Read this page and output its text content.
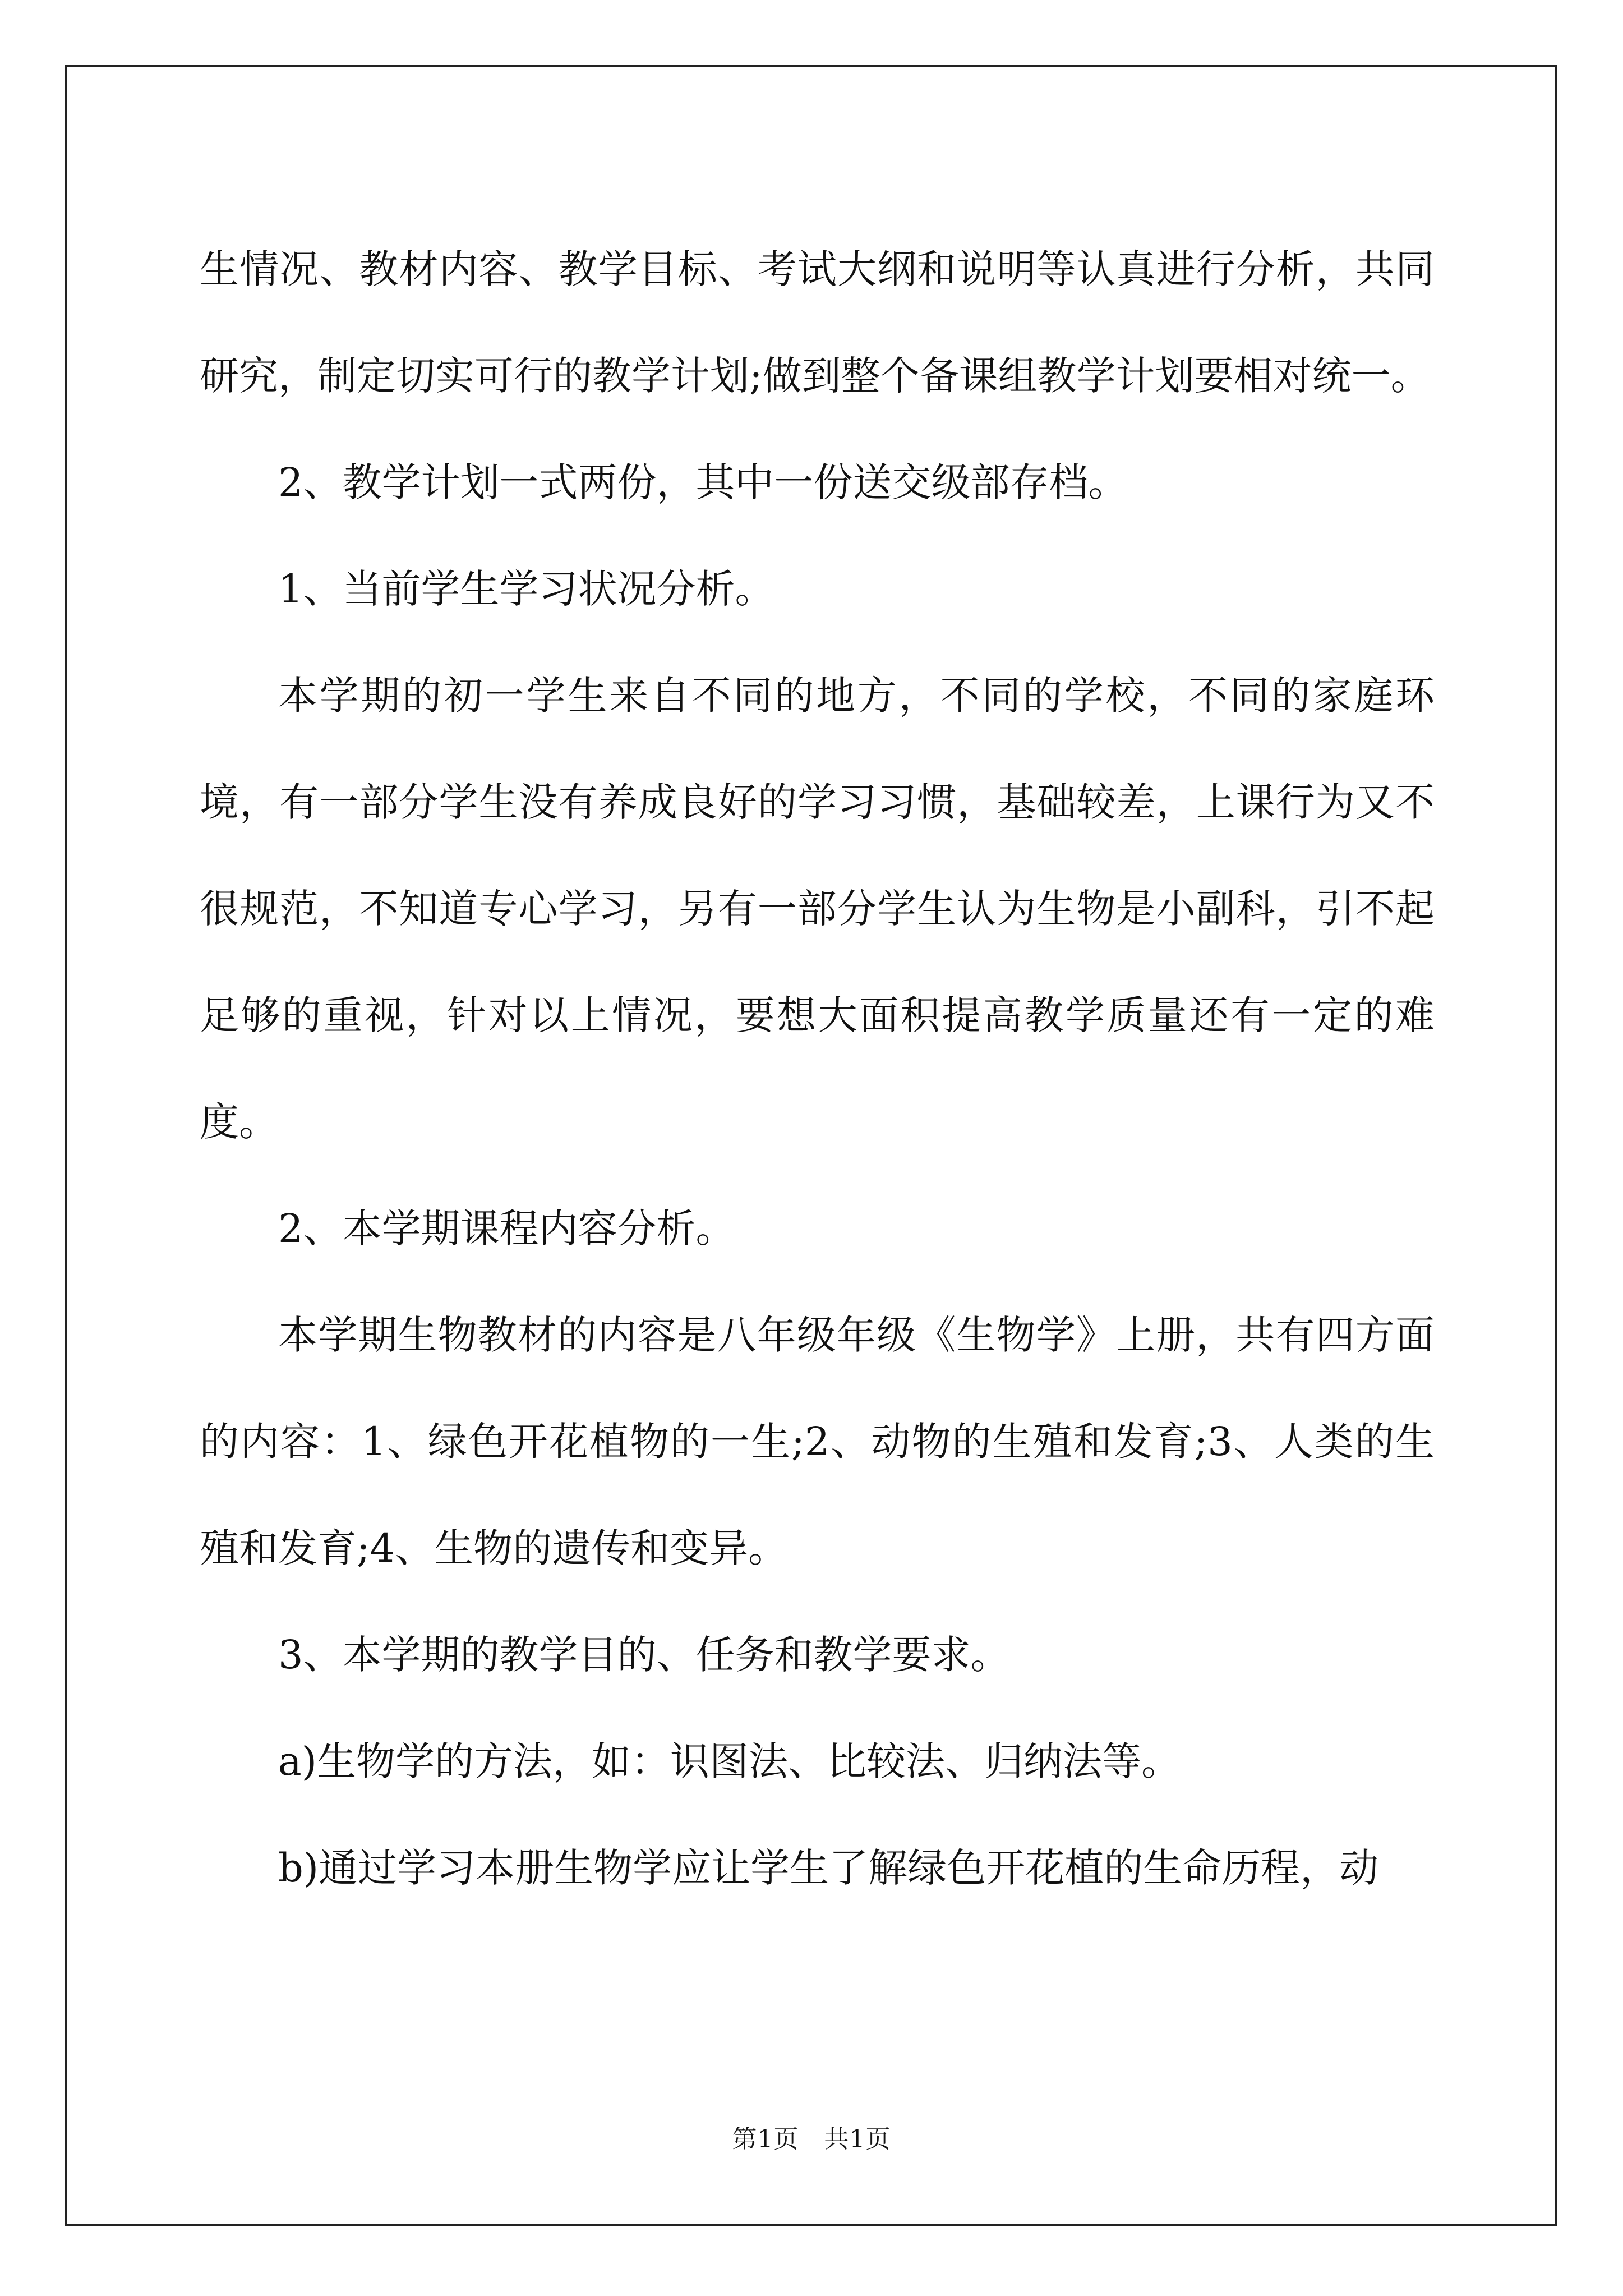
生情况、教材内容、教学目标、考试大纲和说明等认真进行分析，共同研究，制定切实可行的教学计划;做到整个备课组教学计划要相对统一。

2、教学计划一式两份，其中一份送交级部存档。

1、当前学生学习状况分析。

本学期的初一学生来自不同的地方，不同的学校，不同的家庭环境，有一部分学生没有养成良好的学习习惯，基础较差，上课行为又不很规范，不知道专心学习，另有一部分学生认为生物是小副科，引不起足够的重视，针对以上情况，要想大面积提高教学质量还有一定的难度。

2、本学期课程内容分析。

本学期生物教材的内容是八年级年级《生物学》上册，共有四方面的内容：1、绿色开花植物的一生;2、动物的生殖和发育;3、人类的生殖和发育;4、生物的遗传和变异。

3、本学期的教学目的、任务和教学要求。

a)生物学的方法，如：识图法、比较法、归纳法等。

b)通过学习本册生物学应让学生了解绿色开花植的生命历程，动

第1页 共1页
